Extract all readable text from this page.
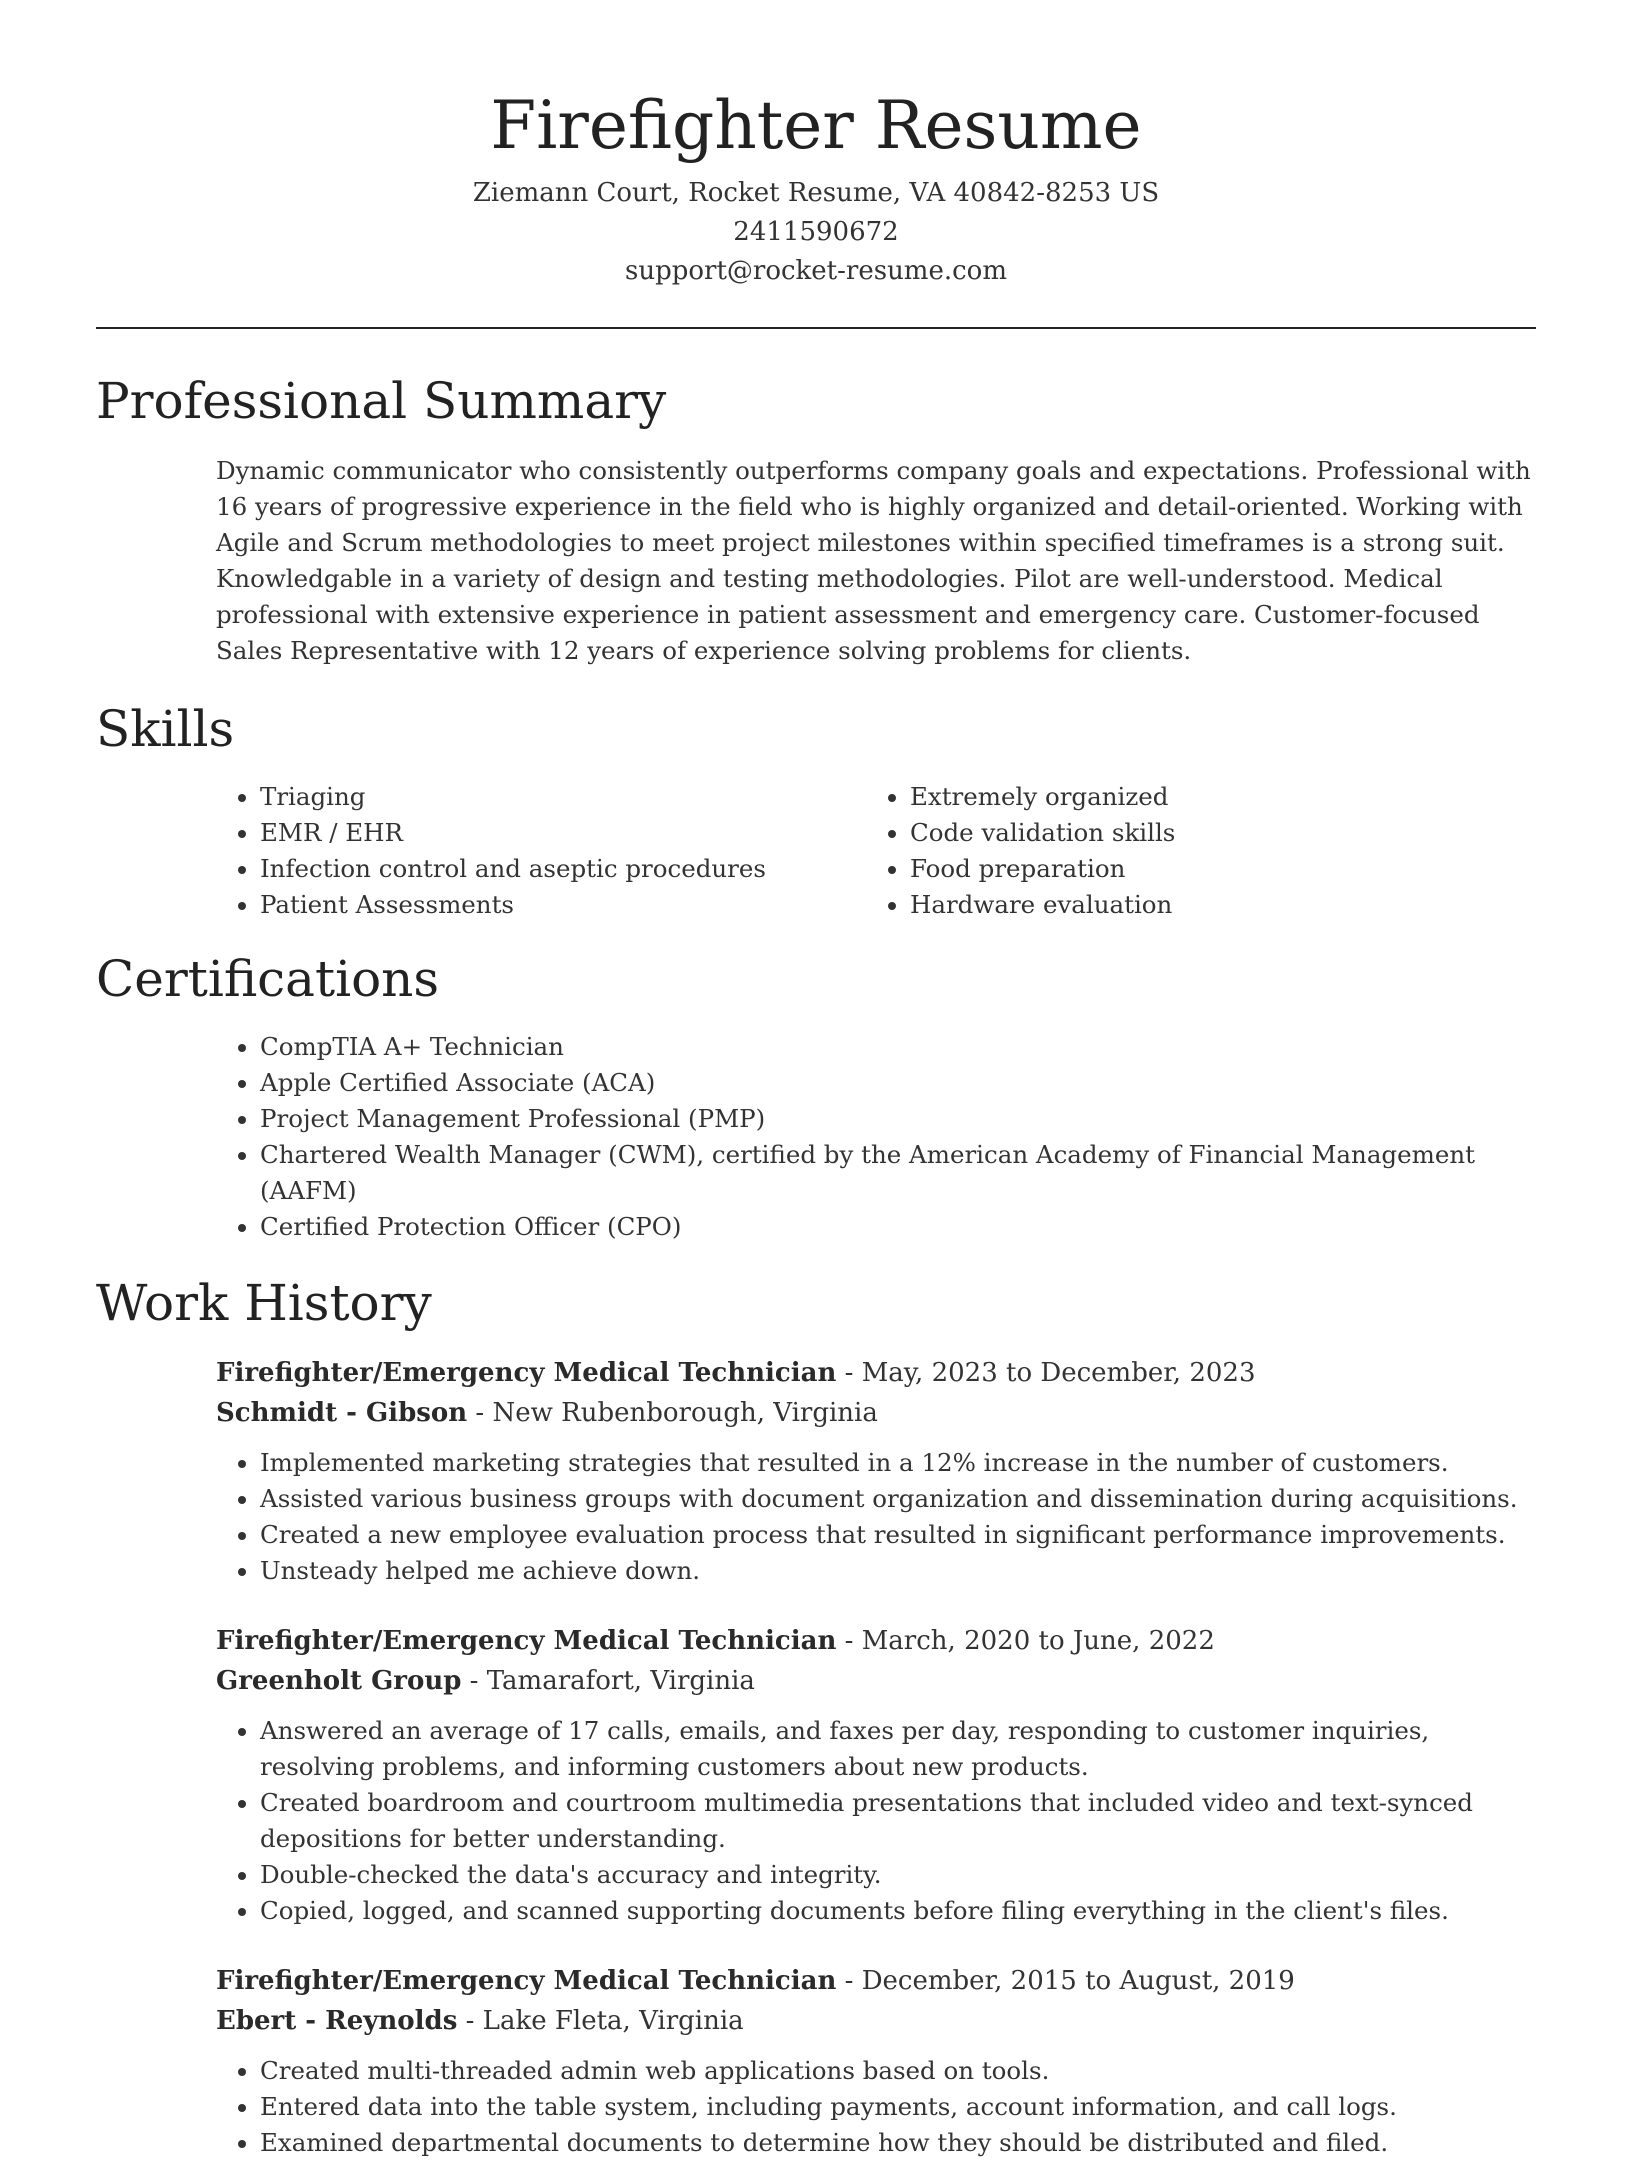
Firefighter Resume

Ziemann Court, Rocket Resume, VA 40842-8253 US

2411590672

support@rocket-resume.com

Professional Summary

Dynamic communicator who consistently outperforms company goals and expectations. Professional with 16 years of progressive experience in the field who is highly organized and detail-oriented. Working with Agile and Scrum methodologies to meet project milestones within specified timeframes is a strong suit. Knowledgable in a variety of design and testing methodologies. Pilot are well-understood. Medical professional with extensive experience in patient assessment and emergency care. Customer-focused Sales Representative with 12 years of experience solving problems for clients.

Skills
• Triaging
• EMR / EHR
• Infection control and aseptic procedures
• Patient Assessments
• Extremely organized
• Code validation skills
• Food preparation
• Hardware evaluation
Certifications
• CompTIA A+ Technician
• Apple Certified Associate (ACA)
• Project Management Professional (PMP)
• Chartered Wealth Manager (CWM), certified by the American Academy of Financial Management (AAFM)
• Certified Protection Officer (CPO)
Work History

Firefighter/Emergency Medical Technician - May, 2023 to December, 2023

Schmidt - Gibson - New Rubenborough, Virginia

• Implemented marketing strategies that resulted in a 12% increase in the number of customers.
• Assisted various business groups with document organization and dissemination during acquisitions.
• Created a new employee evaluation process that resulted in significant performance improvements.
• Unsteady helped me achieve down.

Firefighter/Emergency Medical Technician - March, 2020 to June, 2022

Greenholt Group - Tamarafort, Virginia

• Answered an average of 17 calls, emails, and faxes per day, responding to customer inquiries, resolving problems, and informing customers about new products.
• Created boardroom and courtroom multimedia presentations that included video and text-synced depositions for better understanding.
• Double-checked the data's accuracy and integrity.
• Copied, logged, and scanned supporting documents before filing everything in the client's files.

Firefighter/Emergency Medical Technician - December, 2015 to August, 2019

Ebert - Reynolds - Lake Fleta, Virginia

• Created multi-threaded admin web applications based on tools.
• Entered data into the table system, including payments, account information, and call logs.
• Examined departmental documents to determine how they should be distributed and filed.
